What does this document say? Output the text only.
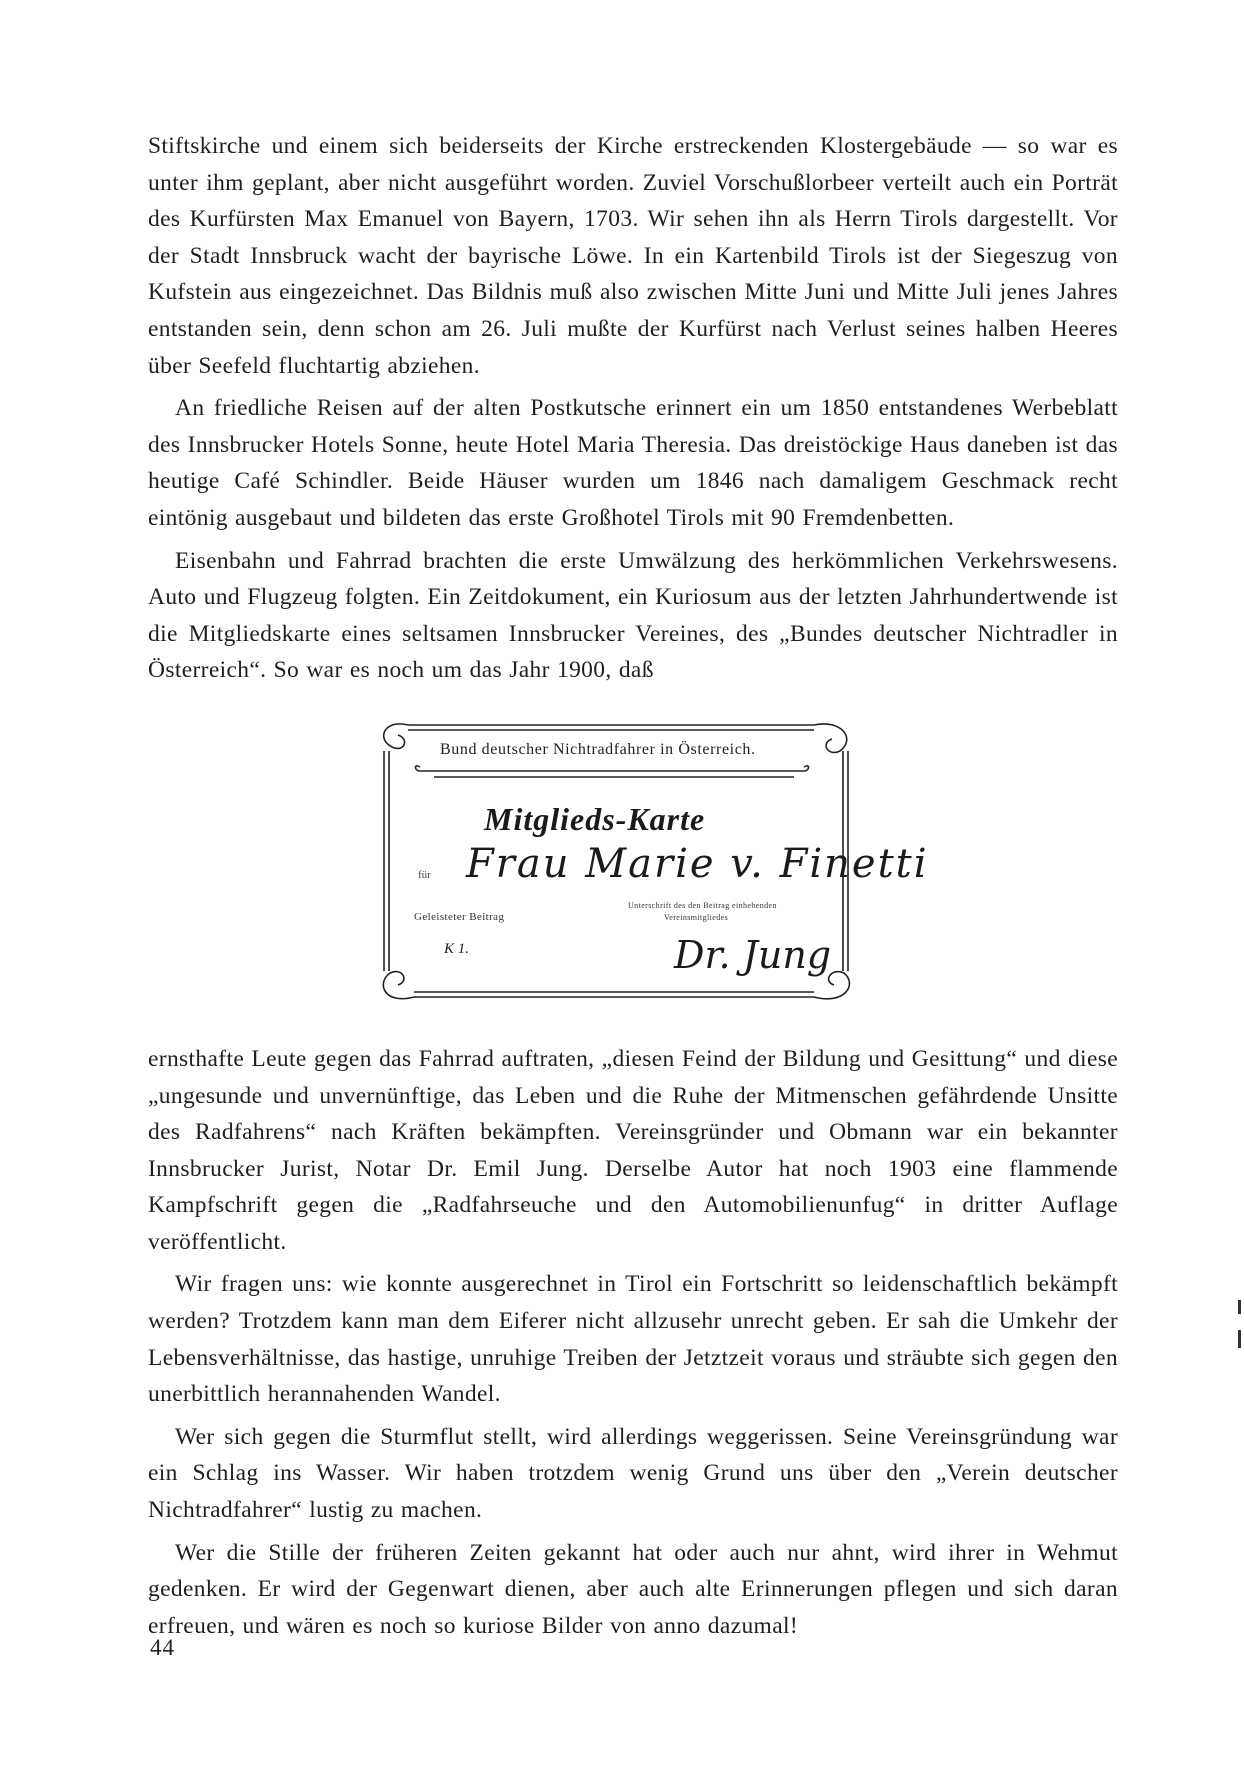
Stiftskirche und einem sich beiderseits der Kirche erstreckenden Klostergebäude — so war es unter ihm geplant, aber nicht ausgeführt worden. Zuviel Vorschußlorbeer verteilt auch ein Porträt des Kurfürsten Max Emanuel von Bayern, 1703. Wir sehen ihn als Herrn Tirols dargestellt. Vor der Stadt Innsbruck wacht der bayrische Löwe. In ein Kartenbild Tirols ist der Siegeszug von Kufstein aus eingezeichnet. Das Bildnis muß also zwischen Mitte Juni und Mitte Juli jenes Jahres entstanden sein, denn schon am 26. Juli mußte der Kurfürst nach Verlust seines halben Heeres über Seefeld fluchtartig abziehen.

An friedliche Reisen auf der alten Postkutsche erinnert ein um 1850 entstandenes Werbeblatt des Innsbrucker Hotels Sonne, heute Hotel Maria Theresia. Das dreistöckige Haus daneben ist das heutige Café Schindler. Beide Häuser wurden um 1846 nach damaligem Geschmack recht eintönig ausgebaut und bildeten das erste Großhotel Tirols mit 90 Fremdenbetten.

Eisenbahn und Fahrrad brachten die erste Umwälzung des herkömmlichen Verkehrswesens. Auto und Flugzeug folgten. Ein Zeitdokument, ein Kuriosum aus der letzten Jahrhundertwende ist die Mitgliedskarte eines seltsamen Innsbrucker Vereines, des „Bundes deutscher Nichtradler in Österreich“. So war es noch um das Jahr 1900, daß

Bund deutscher Nichtradfahrer in Österreich.
Mitglieds-Karte
für Frau Marie v. Finetti
Unterschrift des den Beitrag einhebenden
Vereinsmitgliedes
Geleisteter Beitrag
K 1.	Dr. Jung

ernsthafte Leute gegen das Fahrrad auftraten, „diesen Feind der Bildung und Gesittung“ und diese „ungesunde und unvernünftige, das Leben und die Ruhe der Mitmenschen gefährdende Unsitte des Radfahrens“ nach Kräften bekämpften. Vereinsgründer und Obmann war ein bekannter Innsbrucker Jurist, Notar Dr. Emil Jung. Derselbe Autor hat noch 1903 eine flammende Kampfschrift gegen die „Radfahrseuche und den Automobilienunfug“ in dritter Auflage veröffentlicht.

Wir fragen uns: wie konnte ausgerechnet in Tirol ein Fortschritt so leidenschaftlich bekämpft werden? Trotzdem kann man dem Eiferer nicht allzusehr unrecht geben. Er sah die Umkehr der Lebensverhältnisse, das hastige, unruhige Treiben der Jetztzeit voraus und sträubte sich gegen den unerbittlich herannahenden Wandel.

Wer sich gegen die Sturmflut stellt, wird allerdings weggerissen. Seine Vereinsgründung war ein Schlag ins Wasser. Wir haben trotzdem wenig Grund uns über den „Verein deutscher Nichtradfahrer“ lustig zu machen.

Wer die Stille der früheren Zeiten gekannt hat oder auch nur ahnt, wird ihrer in Wehmut gedenken. Er wird der Gegenwart dienen, aber auch alte Erinnerungen pflegen und sich daran erfreuen, und wären es noch so kuriose Bilder von anno dazumal!

44
